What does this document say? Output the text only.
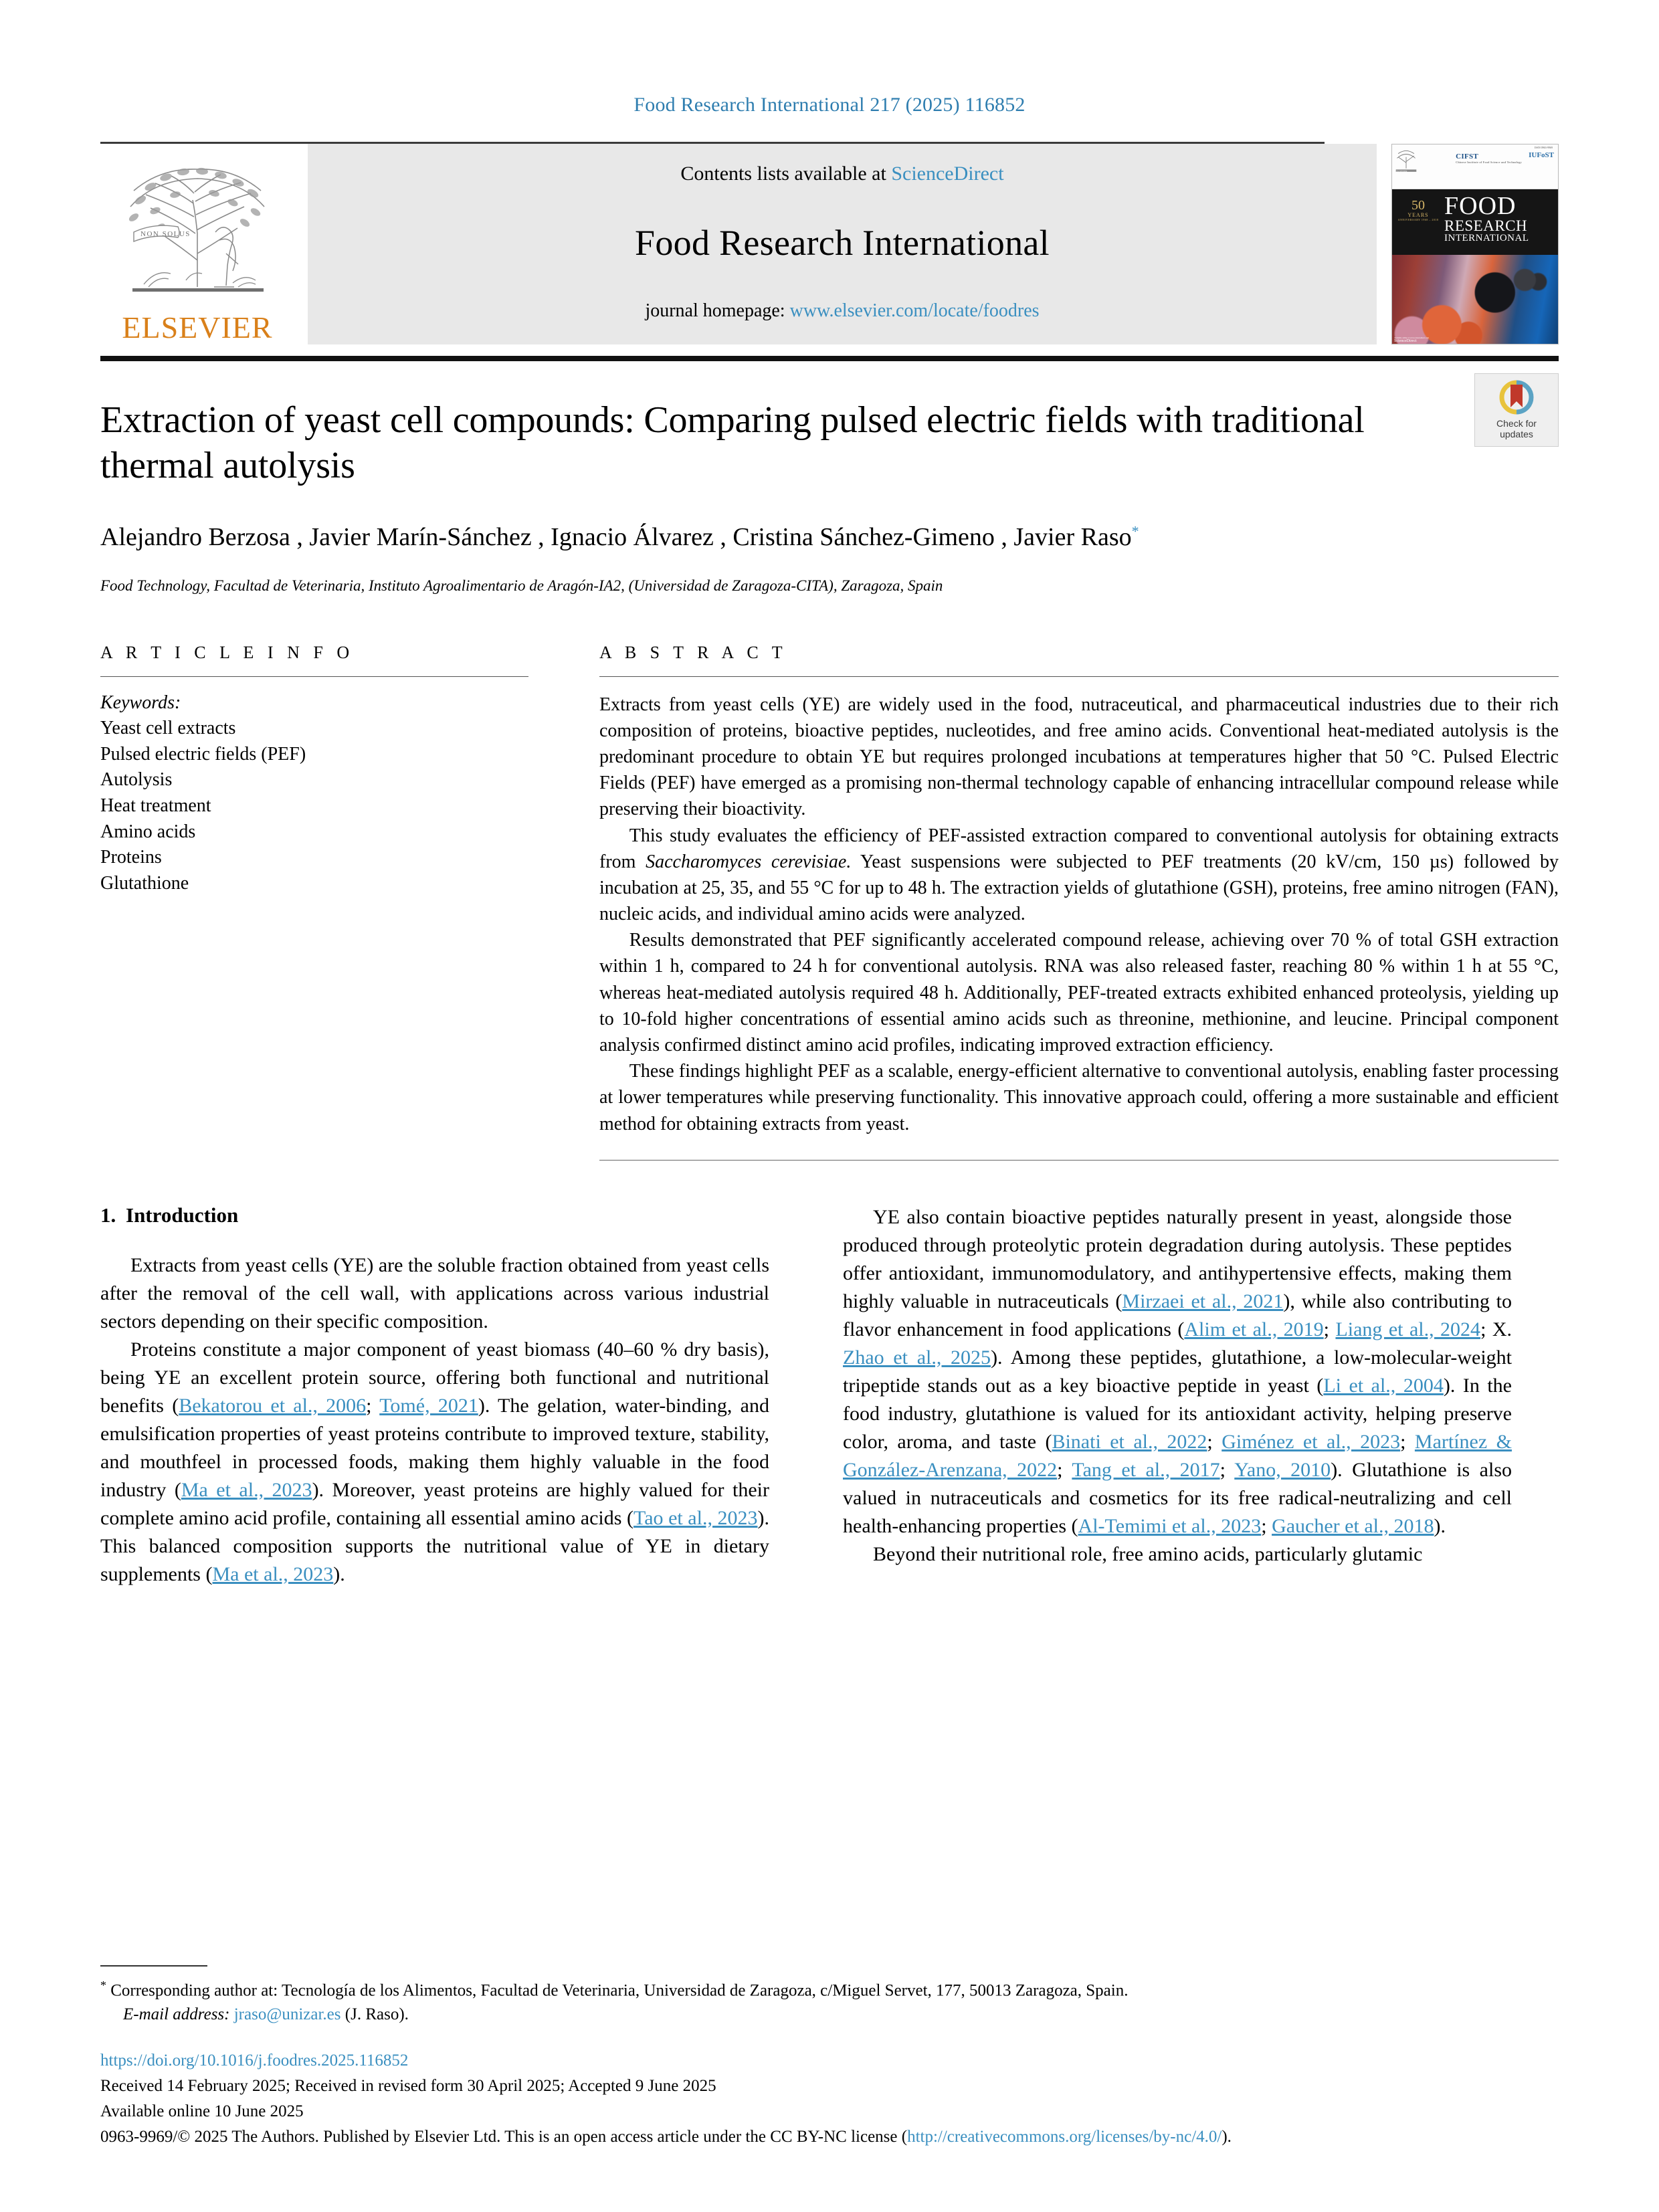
Food Research International 217 (2025) 116852
NON SOLUS
ELSEVIER
Contents lists available at ScienceDirect
Food Research International
journal homepage: www.elsevier.com/locate/foodres
ELSEVIER
ISSN 0963-9969
CIFST
Chinese Institute of Food Science and Technology
IUFoST
50
YEARS
ANNIVERSARY 1968 – 2018 FOOD
RESEARCH
INTERNATIONAL
Available online at www.sciencedirect.com
ScienceDirect
Check for
updates
Extraction of yeast cell compounds: Comparing pulsed electric fields with traditional thermal autolysis
Alejandro Berzosa , Javier Marín-Sánchez , Ignacio Álvarez , Cristina Sánchez-Gimeno , Javier Raso*
Food Technology, Facultad de Veterinaria, Instituto Agroalimentario de Aragón-IA2, (Universidad de Zaragoza-CITA), Zaragoza, Spain
A R T I C L E I N F O
Keywords:
Yeast cell extracts
Pulsed electric fields (PEF)
Autolysis
Heat treatment
Amino acids
Proteins
Glutathione
A B S T R A C T

Extracts from yeast cells (YE) are widely used in the food, nutraceutical, and pharmaceutical industries due to their rich composition of proteins, bioactive peptides, nucleotides, and free amino acids. Conventional heat-mediated autolysis is the predominant procedure to obtain YE but requires prolonged incubations at temperatures higher that 50 °C. Pulsed Electric Fields (PEF) have emerged as a promising non-thermal technology capable of enhancing intracellular compound release while preserving their bioactivity.

This study evaluates the efficiency of PEF-assisted extraction compared to conventional autolysis for obtaining extracts from Saccharomyces cerevisiae. Yeast suspensions were subjected to PEF treatments (20 kV/cm, 150 µs) followed by incubation at 25, 35, and 55 °C for up to 48 h. The extraction yields of glutathione (GSH), proteins, free amino nitrogen (FAN), nucleic acids, and individual amino acids were analyzed.

Results demonstrated that PEF significantly accelerated compound release, achieving over 70 % of total GSH extraction within 1 h, compared to 24 h for conventional autolysis. RNA was also released faster, reaching 80 % within 1 h at 55 °C, whereas heat-mediated autolysis required 48 h. Additionally, PEF-treated extracts exhibited enhanced proteolysis, yielding up to 10-fold higher concentrations of essential amino acids such as threonine, methionine, and leucine. Principal component analysis confirmed distinct amino acid profiles, indicating improved extraction efficiency.

These findings highlight PEF as a scalable, energy-efficient alternative to conventional autolysis, enabling faster processing at lower temperatures while preserving functionality. This innovative approach could, offering a more sustainable and efficient method for obtaining extracts from yeast.

1. Introduction

Extracts from yeast cells (YE) are the soluble fraction obtained from yeast cells after the removal of the cell wall, with applications across various industrial sectors depending on their specific composition.

Proteins constitute a major component of yeast biomass (40–60 % dry basis), being YE an excellent protein source, offering both functional and nutritional benefits (Bekatorou et al., 2006; Tomé, 2021). The gelation, water-binding, and emulsification properties of yeast proteins contribute to improved texture, stability, and mouthfeel in processed foods, making them highly valuable in the food industry (Ma et al., 2023). Moreover, yeast proteins are highly valued for their complete amino acid profile, containing all essential amino acids (Tao et al., 2023). This balanced composition supports the nutritional value of YE in dietary supplements (Ma et al., 2023).

YE also contain bioactive peptides naturally present in yeast, alongside those produced through proteolytic protein degradation during autolysis. These peptides offer antioxidant, immunomodulatory, and antihypertensive effects, making them highly valuable in nutraceuticals (Mirzaei et al., 2021), while also contributing to flavor enhancement in food applications (Alim et al., 2019; Liang et al., 2024; X. Zhao et al., 2025). Among these peptides, glutathione, a low-molecular-weight tripeptide stands out as a key bioactive peptide in yeast (Li et al., 2004). In the food industry, glutathione is valued for its antioxidant activity, helping preserve color, aroma, and taste (Binati et al., 2022; Giménez et al., 2023; Martínez & González-Arenzana, 2022; Tang et al., 2017; Yano, 2010). Glutathione is also valued in nutraceuticals and cosmetics for its free radical-neutralizing and cell health-enhancing properties (Al-Temimi et al., 2023; Gaucher et al., 2018).

Beyond their nutritional role, free amino acids, particularly glutamic

* Corresponding author at: Tecnología de los Alimentos, Facultad de Veterinaria, Universidad de Zaragoza, c/Miguel Servet, 177, 50013 Zaragoza, Spain.
E-mail address: jraso@unizar.es (J. Raso).
https://doi.org/10.1016/j.foodres.2025.116852
Received 14 February 2025; Received in revised form 30 April 2025; Accepted 9 June 2025
Available online 10 June 2025
0963-9969/© 2025 The Authors. Published by Elsevier Ltd. This is an open access article under the CC BY-NC license (http://creativecommons.org/licenses/by-nc/4.0/).
